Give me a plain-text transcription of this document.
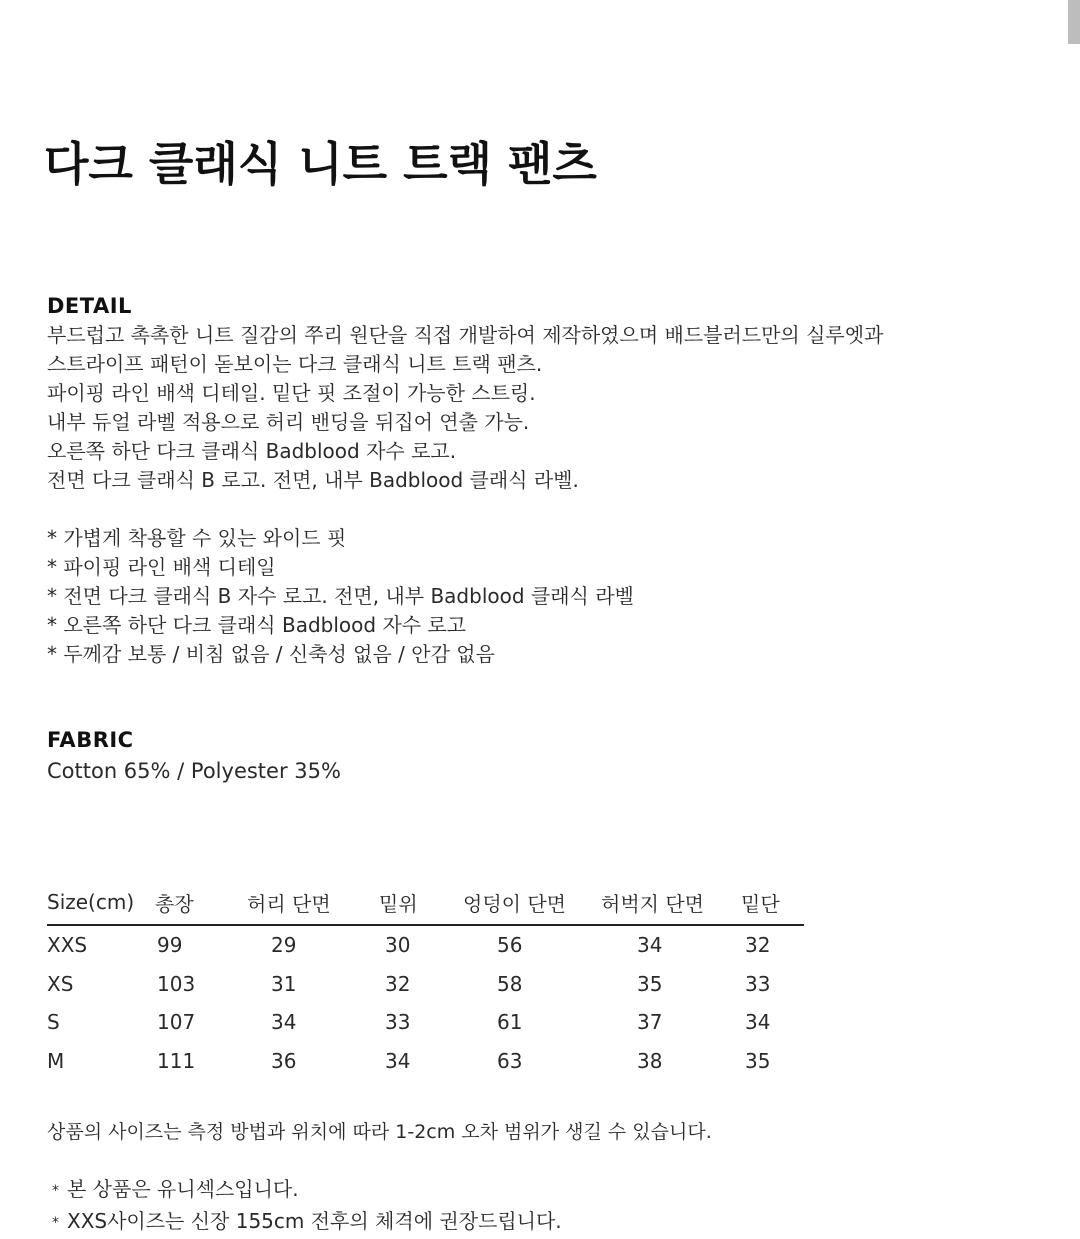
다크 클래식 니트 트랙 팬츠
DETAIL
부드럽고 촉촉한 니트 질감의 쭈리 원단을 직접 개발하여 제작하였으며 배드블러드만의 실루엣과
스트라이프 패턴이 돋보이는 다크 클래식 니트 트랙 팬츠.
파이핑 라인 배색 디테일. 밑단 핏 조절이 가능한 스트링.
내부 듀얼 라벨 적용으로 허리 밴딩을 뒤집어 연출 가능.
오른쪽 하단 다크 클래식 Badblood 자수 로고.
전면 다크 클래식 B 로고. 전면, 내부 Badblood 클래식 라벨.
* 가볍게 착용할 수 있는 와이드 핏
* 파이핑 라인 배색 디테일
* 전면 다크 클래식 B 자수 로고. 전면, 내부 Badblood 클래식 라벨
* 오른쪽 하단 다크 클래식 Badblood 자수 로고
* 두께감 보통 / 비침 없음 / 신축성 없음 / 안감 없음
FABRIC
Cotton 65% / Polyester 35%
Size(cm)	총장	허리 단면	밑위	엉덩이 단면	허벅지 단면	밑단
XXS	99	29	30	56	34	32
XS	103	31	32	58	35	33
S	107	34	33	61	37	34
M	111	36	34	63	38	35
상품의 사이즈는 측정 방법과 위치에 따라 1-2cm 오차 범위가 생길 수 있습니다.
* 본 상품은 유니섹스입니다.
* XXS사이즈는 신장 155cm 전후의 체격에 권장드립니다.
